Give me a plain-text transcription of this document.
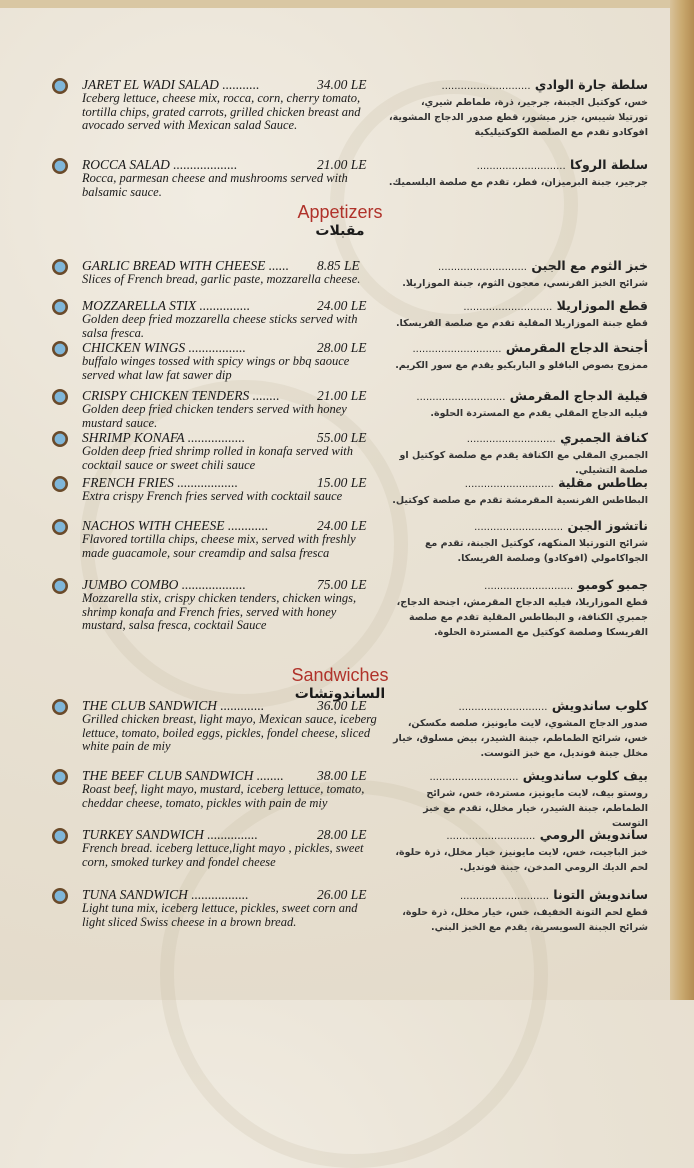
JARET EL WADI SALAD ...........
Iceberg lettuce, cheese mix, rocca, corn, cherry tomato, tortilla chips, grated carrots, grilled chicken breast and avocado served with Mexican salad Sauce.
34.00 LE	سلطة جارة الوادي ............................
خس، كوكتيل الجبنة، جرجير، ذرة، طماطم شيري، تورتيلا شيبس، جزر ميشور، قطع صدور الدجاج المشوية، افوكادو تقدم مع الصلصة الكوكتيليكية
ROCCA SALAD ...................
Rocca, parmesan cheese and mushrooms served with balsamic sauce.
21.00 LE	سلطة الروكا ............................
جرجير، جبنة البرميزان، فطر، تقدم مع صلصة البلسميك.
Appetizers
مقبلات
GARLIC BREAD WITH CHEESE ......
Slices of French bread, garlic paste, mozzarella cheese.
8.85 LE	خبز الثوم مع الجبن ............................
شرائح الخبز الفرنسي، معجون الثوم، جبنة الموزاريلا.
MOZZARELLA STIX ...............
Golden deep fried mozzarella cheese sticks served with salsa fresca.
24.00 LE	قطع الموزاريلا ............................
قطع جبنة الموزاريلا المقلية تقدم مع صلصة الفريسكا.
CHICKEN WINGS .................
buffalo winges tossed with spicy wings or bbq saouce served what law fat sawer dip
28.00 LE	أجنحة الدجاج المقرمش ............................
ممزوج بصوص البافلو و الباربكيو يقدم مع سور الكريم.
CRISPY CHICKEN TENDERS ........
Golden deep fried chicken tenders served with honey mustard sauce.
21.00 LE	فيلية الدجاج المقرمش ............................
فيليه الدجاج المقلي يقدم مع المستردة الحلوة.
SHRIMP KONAFA .................
Golden deep fried shrimp rolled in konafa served with cocktail sauce or sweet chili sauce
55.00 LE	كنافة الجمبري ............................
الجمبري المقلي مع الكنافة يقدم مع صلصة كوكتيل او صلصة التشيلي.
FRENCH FRIES ..................
Extra crispy French fries served with cocktail sauce
15.00 LE	بطاطس مقلية ............................
البطاطس الفرنسية المقرمشة تقدم مع صلصة كوكتيل.
NACHOS WITH CHEESE ............
Flavored tortilla chips, cheese mix, served with freshly made guacamole, sour creamdip and salsa fresca
24.00 LE	ناتشوز الجبن ............................
شرائح التورتيلا المنكهه، كوكتيل الجبنة، تقدم مع الجواكامولي (افوكادو) وصلصة الفريسكا.
JUMBO COMBO ...................
Mozzarella stix, crispy chicken tenders, chicken wings, shrimp konafa and French fries, served with honey mustard, salsa fresca, cocktail Sauce
75.00 LE	جمبو كومبو ............................
قطع الموزاريلا، فيليه الدجاج المقرمش، اجنحة الدجاج، جمبري الكنافة، و البطاطس المقلية تقدم مع صلصة الفريسكا وصلصة كوكتيل مع المستردة الحلوة.
Sandwiches
الساندوتشات
THE CLUB SANDWICH .............
Grilled chicken breast, light mayo, Mexican sauce, iceberg lettuce, tomato, boiled eggs, pickles, fondel cheese, sliced white pain de miy
36.00 LE	كلوب ساندويش ............................
صدور الدجاج المشوي، لايت مايونيز، صلصه مكسكن، خس، شرائح الطماطم، جبنة الشيدر، بيض مسلوق، خيار مخلل جبنة فونديل، مع خبز التوست.
THE BEEF CLUB SANDWICH ........
Roast beef, light mayo, mustard, iceberg lettuce, tomato, cheddar cheese, tomato, pickles with pain de miy
38.00 LE	بيف كلوب ساندويش ............................
روستو بيف، لايت مايونيز، مستردة، خس، شرائح الطماطم، جبنة الشيدر، خيار مخلل، تقدم مع خبز التوست
TURKEY SANDWICH ...............
French bread. iceberg lettuce,light mayo , pickles, sweet corn, smoked turkey and fondel cheese
28.00 LE	ساندويش الرومي ............................
خبز الباجيت، خس، لايت مايونيز، خيار مخلل، ذرة حلوة، لحم الديك الرومي المدخن، جبنة فونديل.
TUNA SANDWICH .................
Light tuna mix, iceberg lettuce, pickles, sweet corn and light sliced Swiss cheese in a brown bread.
26.00 LE	ساندويش التونا ............................
قطع لحم التونة الخفيف، خس، خيار مخلل، ذرة حلوة، شرائح الجبنة السويسرية، يقدم مع الخبز البني.
